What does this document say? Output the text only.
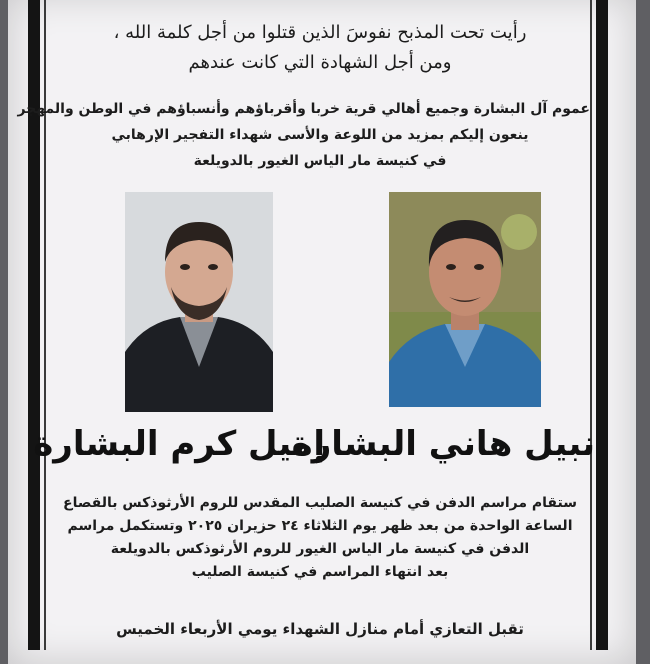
رأيت تحت المذبح نفوسَ الذين قتلوا من أجل كلمة الله ،
ومن أجل الشهادة التي كانت عندهم
عموم آل البشارة وجميع أهالي قرية خربا وأقرباؤهم وأنسباؤهم في الوطن والمهجر
ينعون إليكم بمزيد من اللوعة والأسى شهداء التفجير الإرهابي
في كنيسة مار الياس الغيور بالدويلعة
نبيل هاني البشارة
إميل كرم البشارة
ستقام مراسم الدفن في كنيسة الصليب المقدس للروم الأرثوذكس بالقصاع
الساعة الواحدة من بعد ظهر يوم الثلاثاء ٢٤ حزيران ٢٠٢٥ وتستكمل مراسم
الدفن في كنيسة مار الياس الغيور للروم الأرثوذكس بالدويلعة
بعد انتهاء المراسم في كنيسة الصليب
تقبل التعازي أمام منازل الشهداء يومي الأربعاء الخميس
